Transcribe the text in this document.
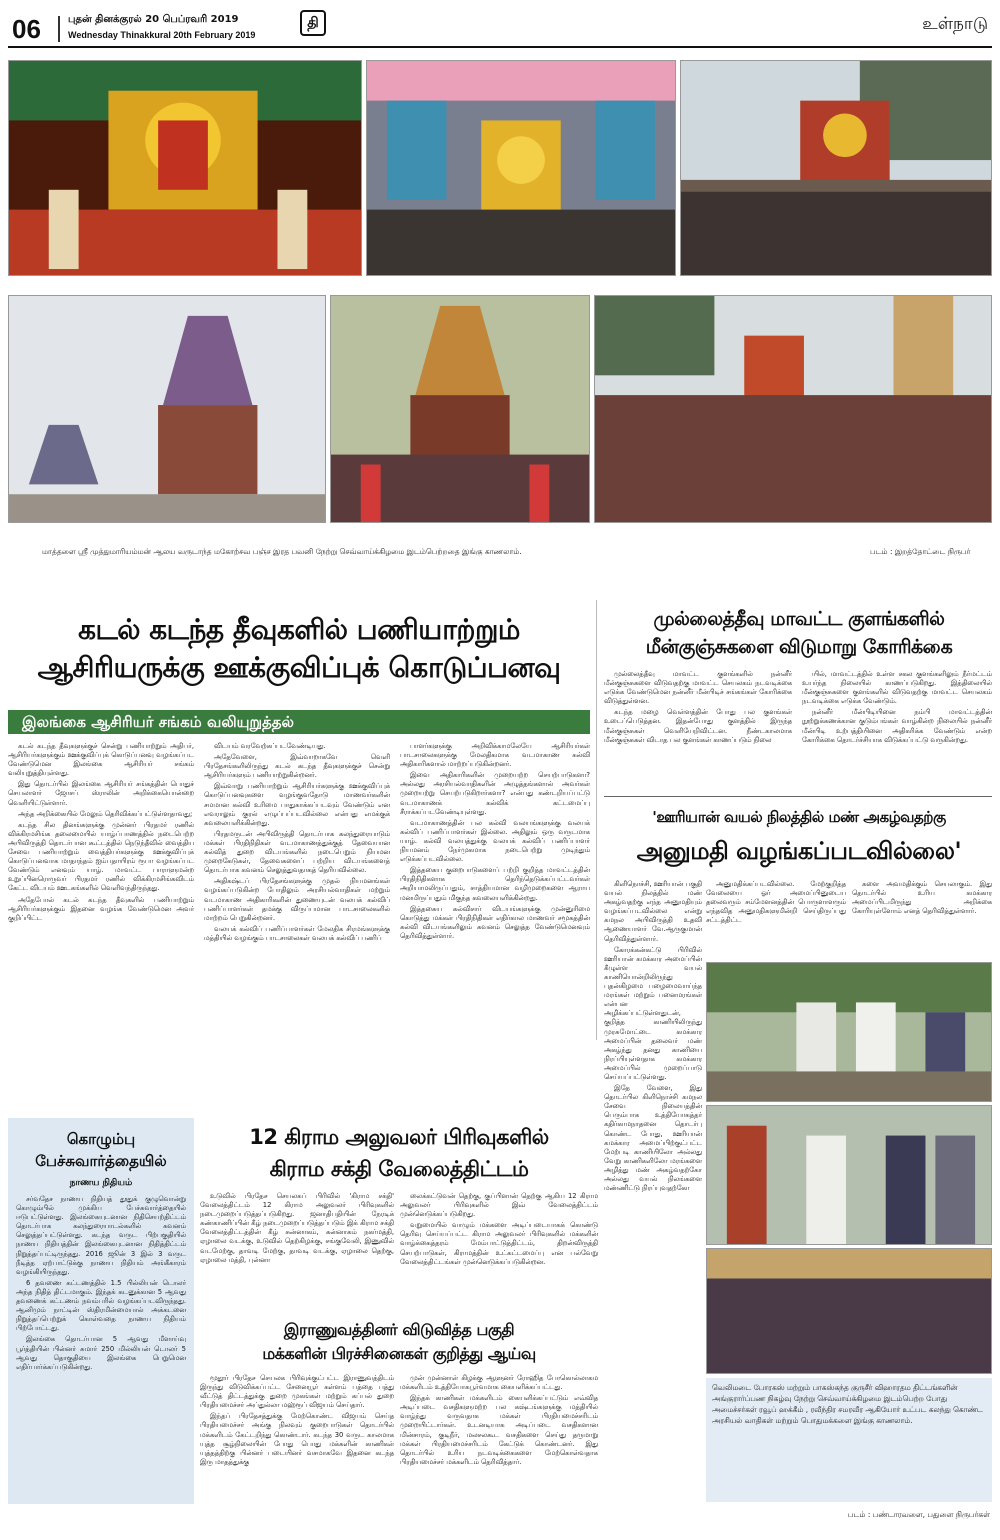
06	புதன் தினக்குரல் 20 பெப்ரவரி 2019
Wednesday Thinakkural 20th February 2019
தி	உள்நாடு
மாத்தளை ஸ்ரீ முத்துமாரியம்மன் ஆலய வருடாந்த மகோற்சவ பஞ்ச இரத பவனி நேற்று செவ்வாய்க்கிழமை இடம்பெற்றதை இங்கு காணலாம்.	படம் : இறத்தோட்டை நிருபர்
கடல் கடந்த தீவுகளில் பணியாற்றும்
ஆசிரியருக்கு ஊக்குவிப்புக் கொடுப்பனவு
இலங்கை ஆசிரியர் சங்கம் வலியுறுத்தல்

கடல் கடந்த தீவுகளுக்குச் சென்று பணியாற்றும் அதிபர், ஆசிரியர்களுக்கும் ஊக்குவிப்புக் கொடுப்பனவு வழங்கப்பட வேண்டுமென இலங்கை ஆசிரியர் சங்கம் வலியுறுத்தியுள்ளது.

இது தொடர்பில் இலங்கை ஆசிரியர் சங்கத்தின் பொதுச் செயலாளர் ஜோசப் ஸ்ராலின் அறிக்கையொன்றை வெளியிட்டுள்ளார்.

அந்த அறிக்கையில் மேலும் தெரிவிக்கப்பட்டுள்ளதாவது;

கடந்த சில தினங்களுக்கு முன்னர் பிரதமர் ரணில் விக்கிரமசிங்க தலைமையில் யாழ்ப்பாணத்தில் நடைபெற்ற அபிவிருத்தி தொடர்பான கூட்டத்தில் நெடுந்தீவில் வைத்திய சேவை பணியாற்றும் வைத்தியர்களுக்கு ஊக்குவிப்புக் கொடுப்பனவாக மாதாந்தம் ஐம்பதாயிரம் ரூபா வழங்கப்பட வேண்டும் எனவும் யாழ். மாவட்ட பாராளுமன்ற உறுப்பினரொருவர் பிரதமர் ரணில் விக்கிரமசிங்கவிடம் கேட்ட விடயம் ஊடகங்களில் வெளிவந்திருந்தது.

அதேபோல் கடல் கடந்த தீவுகளில் பணியாற்றும் ஆசிரியர்களுக்கும் இதனை வழங்க வேண்டுமென அவர் குறிப்பிட்ட

விடயம் வரவேற்கப்படவேண்டியது.

அதேவேளை, இவ்வாறாகவே வெளி பிரதேசங்களிலிருந்து கடல் கடந்த தீவுகளுக்குச் சென்று ஆசிரியர்களும் பணியாற்றுகின்றனர்.

இவ்வாறு பணியாற்றும் ஆசிரியர்களுக்கு ஊக்குவிப்புக் கொடுப்பனவுகளை வழங்குவதோடு மாணவர்களின் சமமான கல்வி உரிமை பாதுகாக்கப்படவும் வேண்டும் என எவராலும் குரல் எழுப்பப்படவில்லை என்பது எமக்குக் கவலையளிக்கின்றது.

பிரதமருடன் அபிவிருத்தி தொடர்பாக கலந்துரையாடும் மக்கள் பிரதிநிதிகள் வடமாகாணத்துக்குத் தேவையான கல்வித் துறை விடயங்களில் நடைபெறும் நியமன முறைகேடுகள், தேவைகளைப் பற்றிய விடயங்களைத் தொடர்பாக கவனம் செலுத்துவதாகத் தெரியவில்லை.

அதிகஷ்டப் பிரதேசங்களுக்கு முதல் நியமனங்கள் வழங்கப்படுகின்ற போதிலும் அரசியல்வாதிகள் மற்றும் வடமாகாண அதிகாரிகளின் துணையுடன் வலயக் கல்விப் பணிப்பாளர்கள் தமக்கு விருப்பமான பாடசாலைகளில் மாற்றம் பெறுகின்றனர்.

வலயக் கல்விப் பணிப்பாளர்கள் மேலதிக சிரமங்களுக்கு மத்தியில் வழங்கும் பாடசாலைகள் வலயக் கல்விப் பணிப்

பாளர்களுக்கு அறிவிக்காமலேயே ஆசிரியர்கள் பாடசாலைகளுக்கு மேலதிகமாக வடமாகாண கல்வி அதிகாரிகளால் மாற்றப்படுகின்றனர்.

இவை அதிகாரிகளின் முறையற்ற செயற்பாடுகளா? அல்லது அரசியல்வாதிகளின் அழுத்தங்களால் அவர்கள் முறையற்று செயற்படுகிறார்களா? என்பது கண்டறியப்பட்டு வடமாகாணக் கல்விக் கட்டமைப்பு சீராக்கப்படவேண்டியுள்ளது.

வடமாகாணத்தின் பல கல்வி வலயங்களுக்கு வலயக் கல்விப் பணிப்பாளர்கள் இல்லை. அதிலும் ஒரு வருடமாக யாழ். கல்வி வலயத்துக்கு வலயக் கல்விப் பணிப்பாளர் நியமனம் நேர்முகமாக நடைபெற்று முடிந்தும் எடுக்கப்படவில்லை.

இத்தகைய குறைபாடுகளைப் பற்றி குறித்த மாவட்டத்தின் பிரதிநிதிகளாக தெரிந்தெடுக்கப்பட்டவர்கள் அறியாமலிருப்பதும், சாத்தியமான வழிமுறைகளை ஆராய மனமிருப்பதும் மிகுந்த கவலையளிக்கின்றது.

இத்தகைய கல்விசார் விடயங்களுக்கு முன்னுரிமை கொடுத்து மக்கள் பிரதிநிதிகள் எதிர்கால மாணவர் சமூகத்தின் கல்வி விடயங்களிலும் கவனம் செலுத்த வேண்டுமெனவும் தெரிவித்துள்ளார்.

முல்லைத்தீவு மாவட்ட குளங்களில்
மீன்குஞ்சுகளை விடுமாறு கோரிக்கை

முல்லைத்தீவு மாவட்ட குளங்களில் நன்னீர் மீன்குஞ்சுகளை விடுவதற்கு மாவட்ட செயலகம் நடவடிக்கை எடுக்க வேண்டுமென நன்னீர் மீன்பிடிச் சங்கங்கள் கோரிக்கை விடுத்துள்ளன.

கடந்த மழை வெள்ளத்தின் போது பல குளங்கள் உடைப்பெடுத்தன. இதன்போது குளத்தில் இருந்த மீன்குஞ்சுகள் வெளியேறிவிட்டன. நீண்டகாலமாக மீன்குஞ்சுகள் விடாத பல குளங்கள் காணப்படும் நிலை

யில், மாவட்டத்தில் உள்ள சகல குளங்களிலும் நீர்மட்டம் உயர்ந்த நிலையில் காணப்படுகிறது. இத்திலையில் மீன்குஞ்சுகளை குளங்களில் விடுவதற்கு மாவட்ட செயலகம் நடவடிக்கை எடுக்க வேண்டும்.

நன்னீர் மீன்பிடியினை நம்பி மாவட்டத்தின் நூற்றுக்கணக்கான குடும்பங்கள் வாழ்கின்ற நிலையில் நன்னீர் மீன்பிடி உற்பத்தியினை அதிகரிக்க வேண்டும் என்ற கோரிக்கை தொடர்ச்சியாக விடுக்கப்பட்டு வருகின்றது.

'ஊரியான் வயல் நிலத்தில் மண் அகழ்வதற்கு
அனுமதி வழங்கப்படவில்லை'

கிளிநொச்சி, ஊரியான் பகுதி வயல் நிலத்தில் மண் அகழ்வதற்கு எந்த அனுமதியும் வழங்கப்படவில்லை என்று கமநல அபிவிருத்தி உதவி ஆணையாளர் வே.ஆருகுமான் தெரிவித்துள்ளார்.

கோரக்கன்கட்டு பிரிவில் ஊரியான் கமக்கார அமைப்பின் கீழுள்ள வயல் காணியொன்றிலிருந்து புதன்கிழமை பழைமைவாய்ந்த மரங்கள் மற்றும் பனைமரங்கள் என்பன அழிக்கப்பட்டுள்ளதுடன், குறித்த காணியிலிருந்து முரசுமோட்டை கமக்கார அமைப்பின் தலைவர் மண் அகழ்ந்து தனது காணியை நிரப்பியுள்ளதாக கமக்கார அமைப்பில் முறைப்பாடு செய்யப்பட்டுள்ளது.

இதே வேளை, இது தொடர்பில கிளிநொச்சி கமநல சேவை நிலையத்தின் பெரும்பாக உத்தியோகத்தர் கதிர்காமநாதனை தொடர்பு கொண்ட போது, ஊரியான் கமக்கார அமைப்பிற்குட்பட்ட மேற்படி காணியிலோ அல்லது வேறு காணிகளிலோ மரங்களை அழித்து மண் அகழ்வதற்கோ அல்லது வயல் நிலங்களை மண்ணிட்டு நிரப்புவதற்கோ

அனுமதிக்கப்படவில்லை. மேற்குறித்த வேலையை ஓர் அமைப்பினுடைய தலைவரும் சம்மேளனத்தின் பொருளாளரும் எந்தவித அனுமதிகளுமின்றி செய்திருப்பது சட்டத்திட்ட

களை அவமதிக்கும் செயலாகும். இது தொடர்பில் உரிய கமக்கார அமைப்பிடமிருந்து அறிக்கை கோரியுள்ளோம் எனத் தெரிவித்துள்ளார்.

வெலிமடை போரகஸ் மற்றும் பாகஸ்கந்த குருசீர் விஹாரதம திட்டங்களின் அங்குரார்ப்பண நிகழ்வு நேற்று செவ்வாய்க்கிழமை இடம்பெற்ற போது அமைச்சர்கள் ரவூப் ஹக்கீம் , ரவீந்திர சமரவீர ஆகியோர் உட்பட கலந்து கொண்ட அரசியல் வாதிகள் மற்றும் பொதுமக்களை இங்கு காணலாம்.
படம் : பண்டாரவளை, பதுளை நிருபர்கள்
கொழும்பு
பேச்சுவார்த்தையில்
நாணய நிதியம்

சர்வதேச நாணய நிதியத் தூதுக் குழுவொன்று கொழும்பில் முக்கிய பேச்சுவார்த்தையில் ஈடுபட்டுள்ளது. இலங்கையுடனான நிதிசெயற்திட்டம் தொடர்பாக கலந்துரையாடல்களில் கவனம் செலுத்தப்பட்டுள்ளது. கடந்த வருட பிற்பகுதியில் நாணய நிதியத்தின் இலங்கையுடனான நிதித்திட்டம் நிறுத்தப்பட்டிருந்தது. 2016 ஜூன் 3 இல் 3 வருட நீடித்த ஏற்பாட்டுக்கு நாணய நிதியம் அங்கீகாரம் வழங்கியிருந்தது.

6 தவணை கட்டணத்தில் 1.5 பில்லியன் டொலர் அந்த நிதித் திட்டமாகும். இந்தக் கடனுக்கான 5 ஆவது தவணைக் கட்டணம் நவம்பரில் வழங்கப்படவிருந்தது. ஆனிமும் நாட்டின் ஸ்திரமின்மையால் அக்கடனை நிறுத்தப்பெற்றுக் கொள்வதை நாணய நிதியம் பிற்போட்டது.

இலங்கை தொடர்பான 5 ஆவது மீளாய்வு பூர்த்தியின் பின்னர் சுமார் 250 மில்லியன் டொலர் 5 ஆவது தொகுதியை இலங்கை பெறுமென எதிர்பார்க்கப்படுகின்றது.

12 கிராம அலுவலர் பிரிவுகளில்
கிராம சக்தி வேலைத்திட்டம்

உடுவில் பிரதேச செயலகப் பிரிவில் 'கிராம சக்தி' வேலைத்திட்டம் 12 கிராம அலுவலர் பிரிவுகளில் நடைமுறைப்படுத்தப்படுகிறது. ஜனாதிபதியின் நேரடிக் கண்காணிப்பின் கீழ் நடைமுறைப்படுத்தப்படும் இக் கிராம சக்தி வேலைத்திட்டத்தின் கீழ் சுன்னாகம், கன்னாகம் நகர்மத்தி, ஏழாலை வடக்கு, உடுவில் தெற்கிழக்கு, சங்குவேலி, இணுவில் வடமேற்கு, தாவடி மேற்கு, தாவடி வடக்கு, ஏழாலை தெற்கு, ஏழாலை மத்தி, புன்னா

லைக்கட்டுவன் தெற்கு, குப்பிளான் தெற்கு ஆகிய 12 கிராம அலுவலர் பிரிவுகளில் இவ் வேலைத்திட்டம் முன்னெடுக்கப்படுகிறது.

வறுமையில் வாழும் மக்களை அடிப்படையாகக் கொண்டு தெரிவு செய்யப்பட்ட கிராம அலுவலர் பிரிவுகளில் மக்களின் வாழ்க்கைத்தரம் மேம்பாட்டுத்திட்டம், திறன்விருத்தி செயற்பாடுகள், கிராமத்தின் உட்கட்டமைப்பு என பல்வேறு வேலைத்திட்டங்கள் முன்னெடுக்கப்படுகின்றன.

இராணுவத்தினர் விடுவித்த பகுதி
மக்களின் பிரச்சினைகள் குறித்து ஆய்வு

மூதூர் பிரதேச செயலக பிரிவுக்குட்பட்ட இராணுவத்திடம் இருந்து விடுவிக்கப்பட்ட சேனையூர் கள்ளம் பத்தை பத்து வீட்டுத் திட்டத்துக்கு துறை முகங்கள் மற்றும் கப்பல் துறை பிரதியமைச்சர் அப்துல்லா மஹ்ரூப் விஜயம் செய்தார்.

இந்தப் பிரதேசத்துக்கு மேற்கொண்ட விஜயம் செய்த பிரதியமைச்சர் அங்கு நிலவும் குறைபாடுகள் தொடர்பில் மக்களிடம் கேட்டறிந்து கொண்டார். கடந்த 30 வருட காலமாக யுத்த சூழ்நிலையின் போது பொது மக்களின் காணிகள் யுத்தத்திற்கு பின்னர் படையினர் வசமாகவே இதனை கடந்த இரு மாதத்துக்கு

முன் முன்னாள் கிழக்கு ஆளுனர் ரோஹித போகொல்லாகம மக்களிடம் உத்தியோகபூர்வமாக கையளிக்கப்பட்டது.

இந்தக் காணிகள் மக்களிடம் கையளிக்கப்பட்டும் எவ்வித அடிப்படை வசதிகளுமற்ற பல கஷ்டங்களுக்கு மத்தியில் வாழ்ந்து வருவதாக மக்கள் பிரதியமைச்சரிடம் முறையிட்டார்கள். உடனடியாக அடிப்படை வசதிகளான மின்சாரம், குடிநீர், மலசலகூட வசதிகளை செய்து தருமாறு மக்கள் பிரதியமைச்சரிடம் கேட்டுக் கொண்டனர். இது தொடர்பில் உரிய நடவடிக்கைகளை மேற்கொள்வதாக பிரதியமைச்சர் மக்களிடம் தெரிவித்தார்.
